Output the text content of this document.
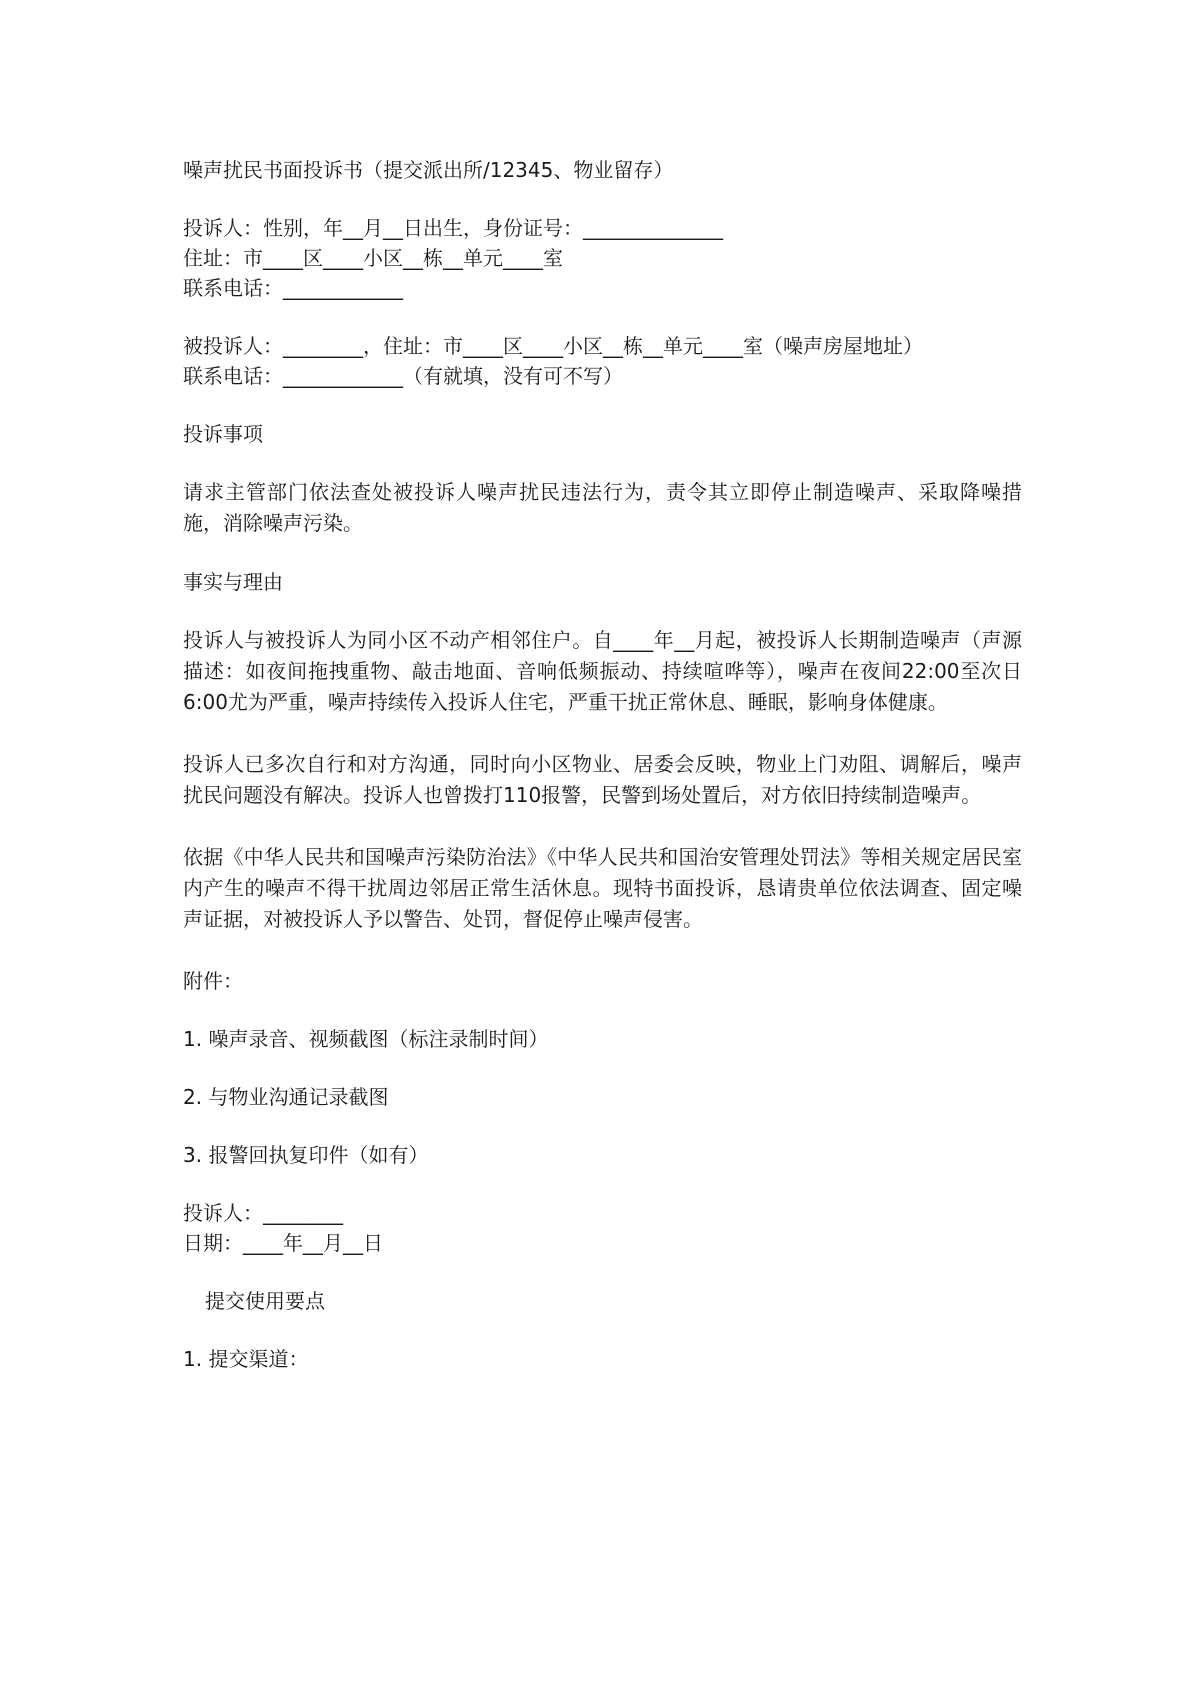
噪声扰民书面投诉书（提交派出所/12345、物业留存）

投诉人：性别，年__月__日出生，身份证号：______________

住址：市____区____小区__栋__单元____室

联系电话：____________

被投诉人：________，住址：市____区____小区__栋__单元____室（噪声房屋地址）

联系电话：____________（有就填，没有可不写）

投诉事项

请求主管部门依法查处被投诉人噪声扰民违法行为，责令其立即停止制造噪声、采取降噪措施，消除噪声污染。

事实与理由

投诉人与被投诉人为同小区不动产相邻住户。自____年__月起，被投诉人长期制造噪声（声源描述：如夜间拖拽重物、敲击地面、音响低频振动、持续喧哗等），噪声在夜间22:00至次日6:00尤为严重，噪声持续传入投诉人住宅，严重干扰正常休息、睡眠，影响身体健康。

投诉人已多次自行和对方沟通，同时向小区物业、居委会反映，物业上门劝阻、调解后，噪声扰民问题没有解决。投诉人也曾拨打110报警，民警到场处置后，对方依旧持续制造噪声。

依据《中华人民共和国噪声污染防治法》《中华人民共和国治安管理处罚法》等相关规定居民室内产生的噪声不得干扰周边邻居正常生活休息。现特书面投诉，恳请贵单位依法调查、固定噪声证据，对被投诉人予以警告、处罚，督促停止噪声侵害。

附件：

1. 噪声录音、视频截图（标注录制时间）

2. 与物业沟通记录截图

3. 报警回执复印件（如有）

投诉人：________

日期：____年__月__日

提交使用要点

1. 提交渠道：
